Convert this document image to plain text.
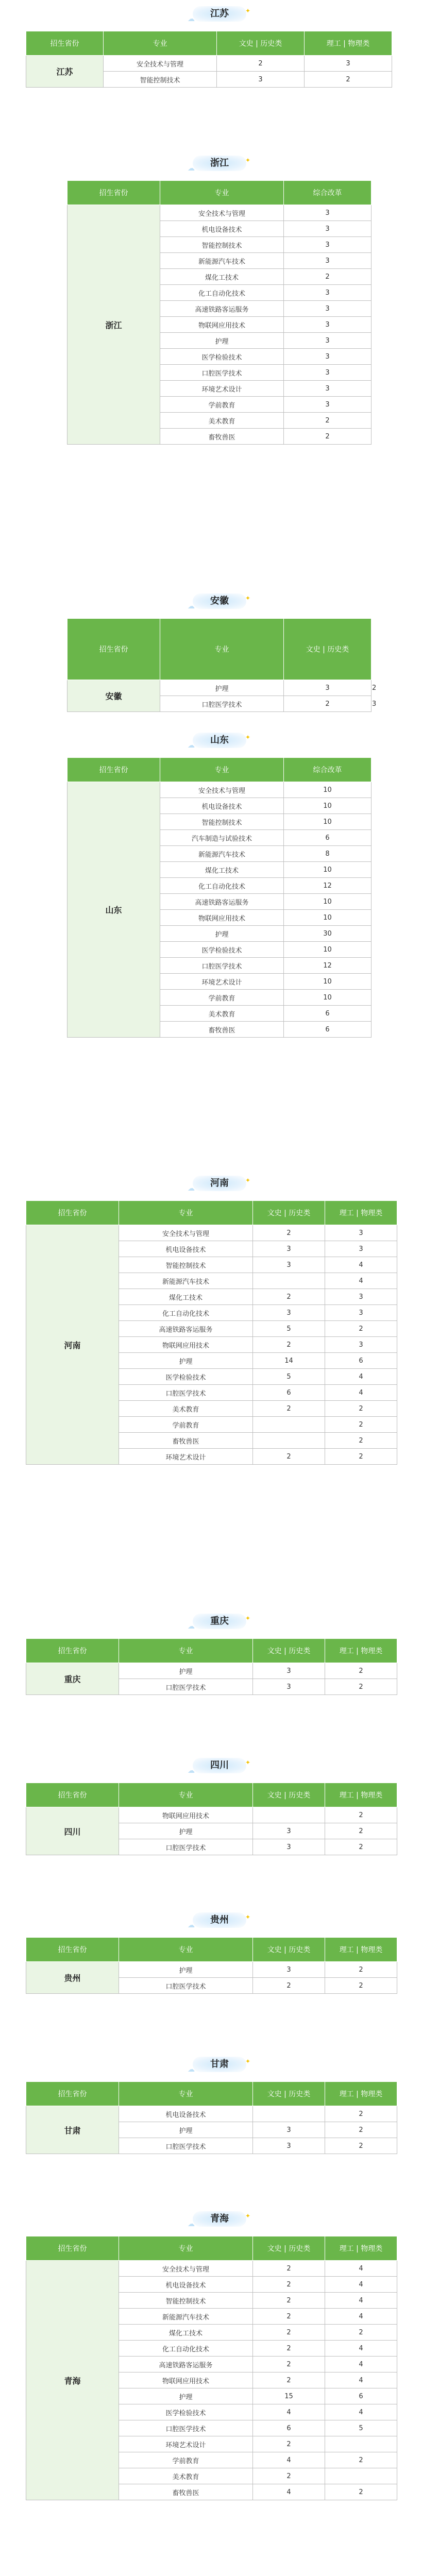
☁ 江苏	✦
招生省份	专业	文史 | 历史类	理工 | 物理类
江苏	安全技术与管理	2	3
	智能控制技术	3	2
☁ 浙江	✦
招生省份	专业	综合改革
浙江	安全技术与管理	3
	机电设备技术	3
	智能控制技术	3
	新能源汽车技术	3
	煤化工技术	2
	化工自动化技术	3
	高速铁路客运服务	3
	物联网应用技术	3
	护理	3
	医学检验技术	3
	口腔医学技术	3
	环境艺术设计	3
	学前教育	3
	美术教育	2
	畜牧兽医	2
☁ 安徽	✦
招生省份	专业	文史 | 历史类	理工 | 物理类
安徽	护理	3	2
	口腔医学技术	2	3
☁ 山东	✦
招生省份	专业	综合改革
山东	安全技术与管理	10
	机电设备技术	10
	智能控制技术	10
	汽车制造与试验技术	6
	新能源汽车技术	8
	煤化工技术	10
	化工自动化技术	12
	高速铁路客运服务	10
	物联网应用技术	10
	护理	30
	医学检验技术	10
	口腔医学技术	12
	环境艺术设计	10
	学前教育	10
	美术教育	6
	畜牧兽医	6
☁ 河南	✦
招生省份	专业	文史 | 历史类	理工 | 物理类
河南	安全技术与管理	2	3
	机电设备技术	3	3
	智能控制技术	3	4
	新能源汽车技术		4
	煤化工技术	2	3
	化工自动化技术	3	3
	高速铁路客运服务	5	2
	物联网应用技术	2	3
	护理	14	6
	医学检验技术	5	4
	口腔医学技术	6	4
	美术教育	2	2
	学前教育		2
	畜牧兽医		2
	环境艺术设计	2	2
☁ 重庆	✦
招生省份	专业	文史 | 历史类	理工 | 物理类
重庆	护理	3	2
	口腔医学技术	3	2
☁ 四川	✦
招生省份	专业	文史 | 历史类	理工 | 物理类
四川	物联网应用技术		2
	护理	3	2
	口腔医学技术	3	2
☁ 贵州	✦
招生省份	专业	文史 | 历史类	理工 | 物理类
贵州	护理	3	2
	口腔医学技术	2	2
☁ 甘肃	✦
招生省份	专业	文史 | 历史类	理工 | 物理类
甘肃	机电设备技术		2
	护理	3	2
	口腔医学技术	3	2
☁ 青海	✦
招生省份	专业	文史 | 历史类	理工 | 物理类
青海	安全技术与管理	2	4
	机电设备技术	2	4
	智能控制技术	2	4
	新能源汽车技术	2	4
	煤化工技术	2	2
	化工自动化技术	2	4
	高速铁路客运服务	2	4
	物联网应用技术	2	4
	护理	15	6
	医学检验技术	4	4
	口腔医学技术	6	5
	环境艺术设计	2	
	学前教育	4	2
	美术教育	2	
	畜牧兽医	4	2
